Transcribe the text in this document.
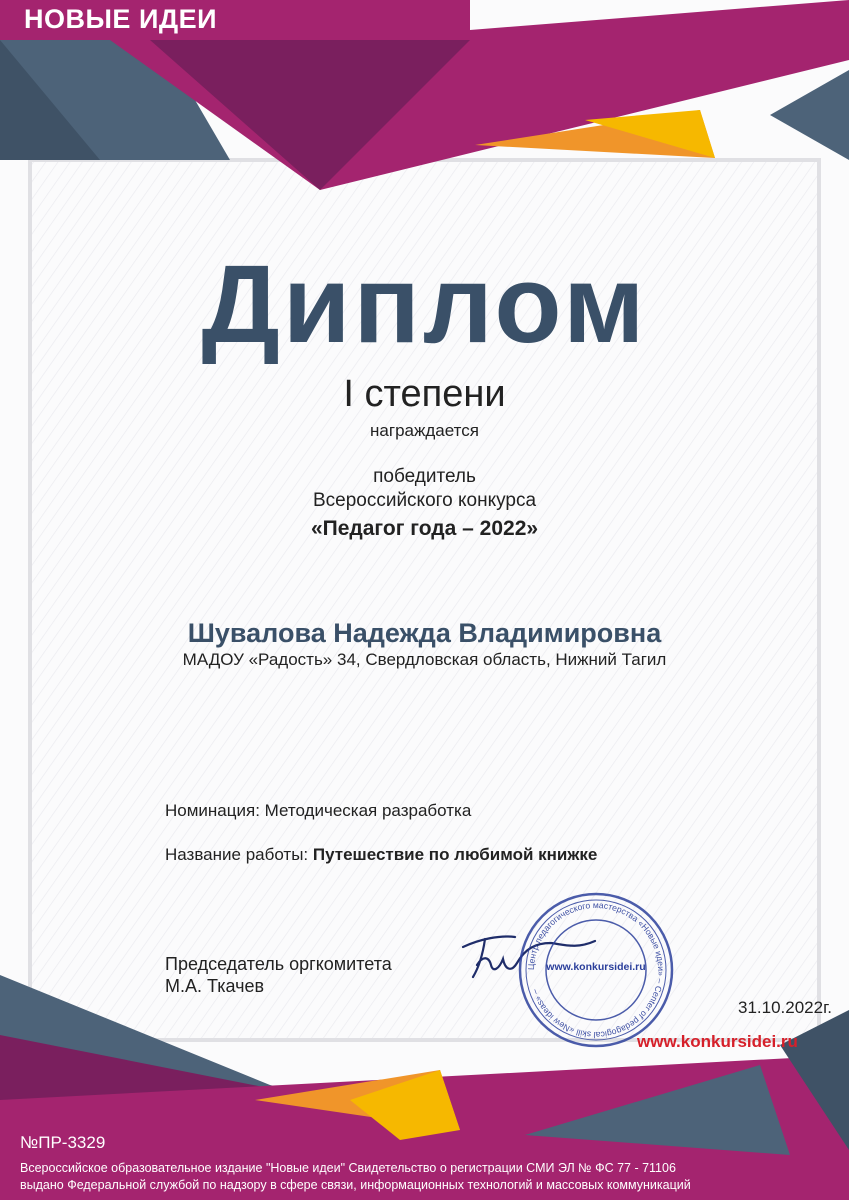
НОВЫЕ ИДЕИ
Диплом
I степени
награждается
победитель
Всероссийского конкурса
«Педагог года – 2022»
Шувалова Надежда Владимировна
МАДОУ «Радость» 34, Свердловская область, Нижний Тагил
Номинация: Методическая разработка
Название работы: Путешествие по любимой книжке
Председатель оргкомитета
М.А. Ткачев
Центр педагогического мастерства «Новые идеи» – Center of pedagogical skill «New ideas» –
www.konkursidei.ru
31.10.2022г.
www.konkursidei.ru
№ПР-3329
Всероссийское образовательное издание "Новые идеи" Свидетельство о регистрации СМИ ЭЛ № ФС 77 - 71106
выдано Федеральной службой по надзору в сфере связи, информационных технологий и массовых коммуникаций
